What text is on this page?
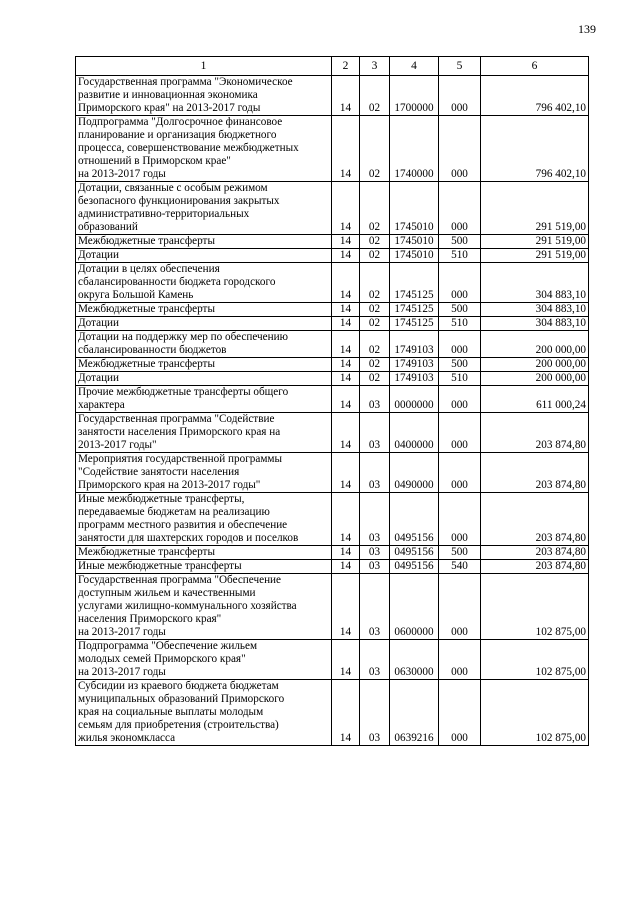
139
1	2	3	4	5	6
Государственная программа "Экономическое
развитие и инновационная экономика
Приморского края" на 2013-2017 годы	14	02	1700000	000	796 402,10
Подпрограмма "Долгосрочное финансовое
планирование и организация бюджетного
процесса, совершенствование межбюджетных
отношений в Приморском крае"
на 2013-2017 годы	14	02	1740000	000	796 402,10
Дотации, связанные с особым режимом
безопасного функционирования закрытых
административно-территориальных
образований	14	02	1745010	000	291 519,00
Межбюджетные трансферты	14	02	1745010	500	291 519,00
Дотации	14	02	1745010	510	291 519,00
Дотации в целях обеспечения
сбалансированности бюджета городского
округа Большой Камень	14	02	1745125	000	304 883,10
Межбюджетные трансферты	14	02	1745125	500	304 883,10
Дотации	14	02	1745125	510	304 883,10
Дотации на поддержку мер по обеспечению
сбалансированности бюджетов	14	02	1749103	000	200 000,00
Межбюджетные трансферты	14	02	1749103	500	200 000,00
Дотации	14	02	1749103	510	200 000,00
Прочие межбюджетные трансферты общего
характера	14	03	0000000	000	611 000,24
Государственная программа "Содействие
занятости населения Приморского края на
2013-2017 годы"	14	03	0400000	000	203 874,80
Мероприятия государственной программы
"Содействие занятости населения
Приморского края на 2013-2017 годы"	14	03	0490000	000	203 874,80
Иные межбюджетные трансферты,
передаваемые бюджетам на реализацию
программ местного развития и обеспечение
занятости для шахтерских городов и поселков	14	03	0495156	000	203 874,80
Межбюджетные трансферты	14	03	0495156	500	203 874,80
Иные межбюджетные трансферты	14	03	0495156	540	203 874,80
Государственная программа "Обеспечение
доступным жильем и качественными
услугами жилищно-коммунального хозяйства
населения Приморского края"
на 2013-2017 годы	14	03	0600000	000	102 875,00
Подпрограмма "Обеспечение жильем
молодых семей Приморского края"
на 2013-2017 годы	14	03	0630000	000	102 875,00
Субсидии из краевого бюджета бюджетам
муниципальных образований Приморского
края на социальные выплаты молодым
семьям для приобретения (строительства)
жилья экономкласса	14	03	0639216	000	102 875,00
